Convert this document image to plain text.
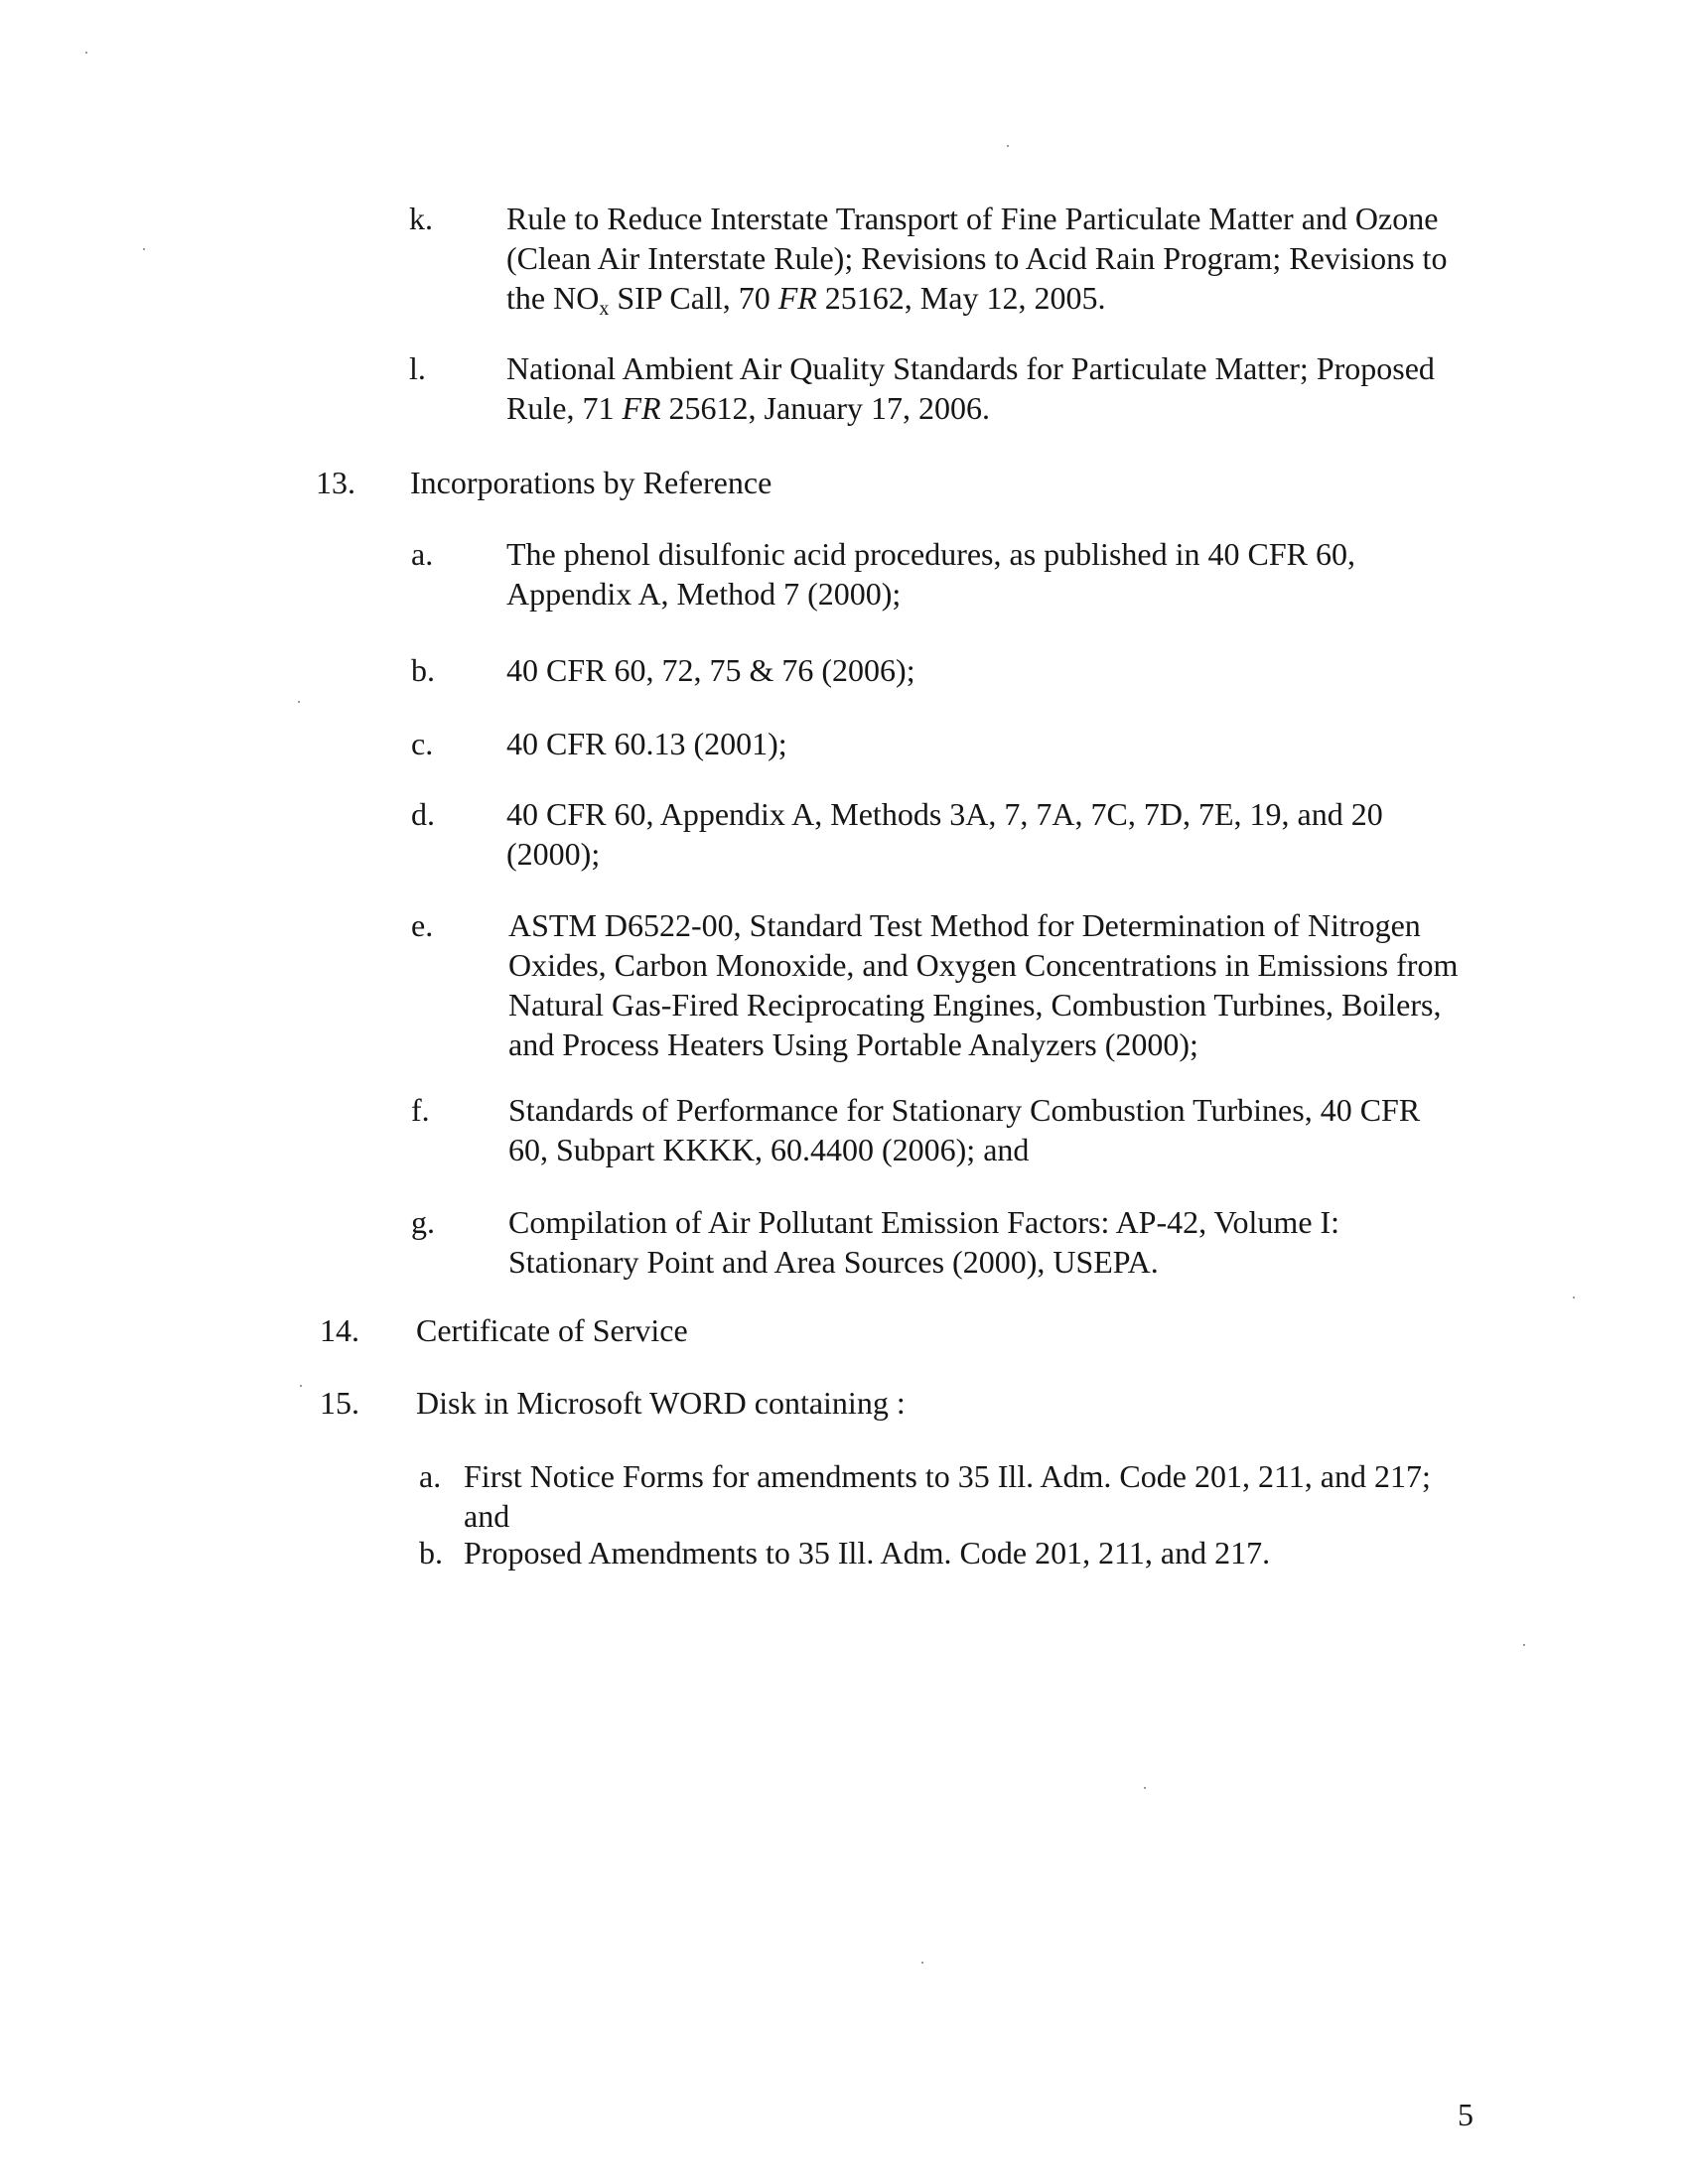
k. Rule to Reduce Interstate Transport of Fine Particulate Matter and Ozone
(Clean Air Interstate Rule); Revisions to Acid Rain Program; Revisions to
the $NO_x$ SIP Call, 70 FR 25162, May 12, 2005.
l.	National Ambient Air Quality Standards for Particulate Matter; Proposed
Rule, 71 FR 25612, January 17, 2006.
13. Incorporations by Reference
a. The phenol disulfonic acid procedures, as published in 40 CFR 60,
Appendix A, Method 7 (2000);
b. 40 CFR 60, 72, 75 & 76 (2006);
c. 40 CFR 60.13 (2001);
d. 40 CFR 60, Appendix A, Methods 3A, 7, 7A, 7C, 7D, 7E, 19, and 20
(2000);
e. ASTM D6522-00, Standard Test Method for Determination of Nitrogen
Oxides, Carbon Monoxide, and Oxygen Concentrations in Emissions from
Natural Gas-Fired Reciprocating Engines, Combustion Turbines, Boilers,
and Process Heaters Using Portable Analyzers (2000);
f. Standards of Performance for Stationary Combustion Turbines, 40 CFR
60, Subpart KKKK, 60.4400 (2006); and
g. Compilation of Air Pollutant Emission Factors: AP-42, Volume I:
Stationary Point and Area Sources (2000), USEPA.
14. Certificate of Service
15. Disk in Microsoft WORD containing :
a. First Notice Forms for amendments to 35 Ill. Adm. Code 201, 211, and 217;
and
b. Proposed Amendments to 35 Ill. Adm. Code 201, 211, and 217.
5
